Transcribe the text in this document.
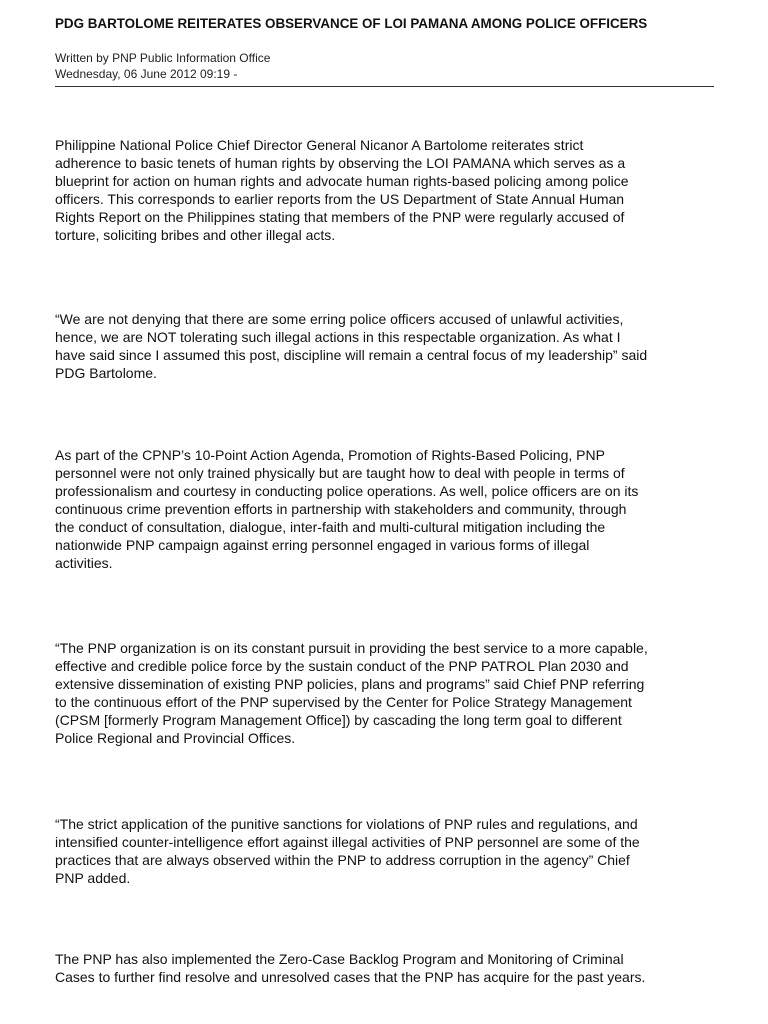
PDG BARTOLOME REITERATES OBSERVANCE OF LOI PAMANA AMONG POLICE OFFICERS
Written by PNP Public Information Office
Wednesday, 06 June 2012 09:19 -
Philippine National Police Chief Director General Nicanor A Bartolome reiterates strict
adherence to basic tenets of human rights by observing the LOI PAMANA which serves as a
blueprint for action on human rights and advocate human rights-based policing among police
officers. This corresponds to earlier reports from the US Department of State Annual Human
Rights Report on the Philippines stating that members of the PNP were regularly accused of
torture, soliciting bribes and other illegal acts.
“We are not denying that there are some erring police officers accused of unlawful activities,
hence, we are NOT tolerating such illegal actions in this respectable organization. As what I
have said since I assumed this post, discipline will remain a central focus of my leadership” said
PDG Bartolome.
As part of the CPNP’s 10-Point Action Agenda, Promotion of Rights-Based Policing, PNP
personnel were not only trained physically but are taught how to deal with people in terms of
professionalism and courtesy in conducting police operations. As well, police officers are on its
continuous crime prevention efforts in partnership with stakeholders and community, through
the conduct of consultation, dialogue, inter-faith and multi-cultural mitigation including the
nationwide PNP campaign against erring personnel engaged in various forms of illegal
activities.
“The PNP organization is on its constant pursuit in providing the best service to a more capable,
effective and credible police force by the sustain conduct of the PNP PATROL Plan 2030 and
extensive dissemination of existing PNP policies, plans and programs” said Chief PNP referring
to the continuous effort of the PNP supervised by the Center for Police Strategy Management
(CPSM [formerly Program Management Office]) by cascading the long term goal to different
Police Regional and Provincial Offices.
“The strict application of the punitive sanctions for violations of PNP rules and regulations, and
intensified counter-intelligence effort against illegal activities of PNP personnel are some of the
practices that are always observed within the PNP to address corruption in the agency” Chief
PNP added.
The PNP has also implemented the Zero-Case Backlog Program and Monitoring of Criminal
Cases to further find resolve and unresolved cases that the PNP has acquire for the past years.
